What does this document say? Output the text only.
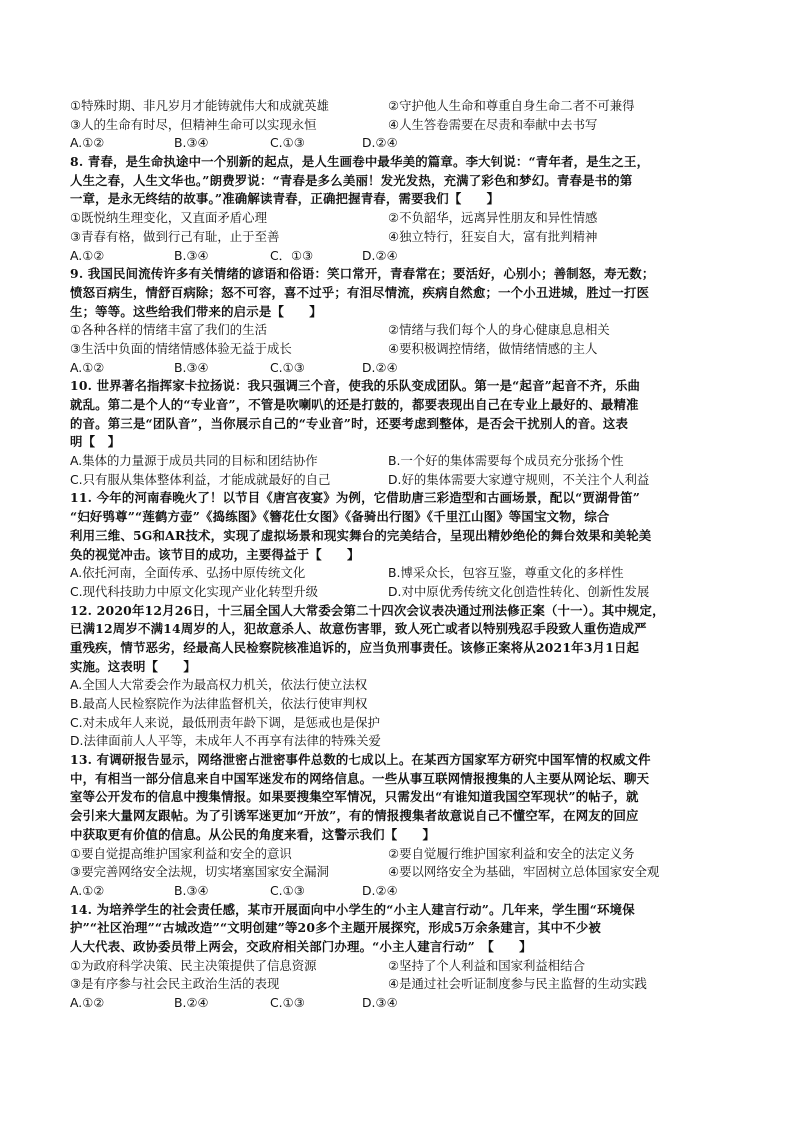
①特殊时期、非凡岁月才能铸就伟大和成就英雄	②守护他人生命和尊重自身生命二者不可兼得
③人的生命有时尽，但精神生命可以实现永恒	④人生答卷需要在尽责和奉献中去书写
A.①②	B.③④	C.①③	D.②④
8. 青春，是生命执途中一个别新的起点，是人生画卷中最华美的篇章。李大钊说：“青年者，是生之王，
人生之春，人生文华也。”朗费罗说：“青春是多么美丽！发光发热，充满了彩色和梦幻。青春是书的第
一章，是永无终结的故事。”准确解读青春，正确把握青春，需要我们【　　】
①既悦纳生理变化，又直面矛盾心理	②不负韶华，远离异性朋友和异性情感
③青春有格，做到行己有耻，止于至善	④独立特行，狂妄自大，富有批判精神
A.①②	B.③④	C．①③	D.②④
9. 我国民间流传许多有关情绪的谚语和俗语：笑口常开，青春常在；要活好，心别小；善制怒，寿无数；
愤怒百病生，情舒百病除；怒不可容，喜不过乎；有泪尽情流，疾病自然愈；一个小丑进城，胜过一打医
生；等等。这些给我们带来的启示是【　　】
①各种各样的情绪丰富了我们的生活	②情绪与我们每个人的身心健康息息相关
③生活中负面的情绪情感体验无益于成长	④要积极调控情绪，做情绪情感的主人
A.①②	B.③④	C.①③	D.②④
10. 世界著名指挥家卡拉扬说：我只强调三个音，使我的乐队变成团队。第一是“起音”起音不齐，乐曲
就乱。第二是个人的“专业音”，不管是吹喇叭的还是打鼓的，都要表现出自己在专业上最好的、最精准
的音。第三是“团队音”，当你展示自己的“专业音”时，还要考虑到整体，是否会干扰别人的音。这表
明【　】
A.集体的力量源于成员共同的目标和团结协作	B.一个好的集体需要每个成员充分张扬个性
C.只有服从集体整体利益，才能成就最好的自己	D.好的集体需要大家遵守规则，不关注个人利益
11. 今年的河南春晚火了！以节目《唐宫夜宴》为例，它借助唐三彩造型和古画场景，配以“贾湖骨笛”
“妇好鸮尊”“莲鹤方壶”《捣练图》《簪花仕女图》《备骑出行图》《千里江山图》等国宝文物，综合
利用三维、5G和AR技术，实现了虚拟场景和现实舞台的完美结合，呈现出精妙绝伦的舞台效果和美轮美
奂的视觉冲击。该节目的成功，主要得益于【　　】
A.依托河南，全面传承、弘扬中原传统文化	B.博采众长，包容互鉴，尊重文化的多样性
C.现代科技助力中原文化实现产业化转型升级	D.对中原优秀传统文化创造性转化、创新性发展
12. 2020年12月26日，十三届全国人大常委会第二十四次会议表决通过刑法修正案（十一）。其中规定，
已满12周岁不满14周岁的人，犯故意杀人、故意伤害罪，致人死亡或者以特别残忍手段致人重伤造成严
重残疾，情节恶劣，经最高人民检察院核准追诉的，应当负刑事责任。该修正案将从2021年3月1日起
实施。这表明【　　】
A.全国人大常委会作为最高权力机关，依法行使立法权
B.最高人民检察院作为法律监督机关，依法行使审判权
C.对未成年人来说，最低刑责年龄下调，是惩戒也是保护
D.法律面前人人平等，未成年人不再享有法律的特殊关爱
13. 有调研报告显示，网络泄密占泄密事件总数的七成以上。在某西方国家军方研究中国军情的权威文件
中，有相当一部分信息来自中国军迷发布的网络信息。一些从事互联网情报搜集的人主要从网论坛、聊天
室等公开发布的信息中搜集情报。如果要搜集空军情况，只需发出“有谁知道我国空军现状”的帖子，就
会引来大量网友跟帖。为了引诱军迷更加“开放”，有的情报搜集者故意说自己不懂空军，在网友的回应
中获取更有价值的信息。从公民的角度来看，这警示我们【　　】
①要自觉提高维护国家利益和安全的意识	②要自觉履行维护国家利益和安全的法定义务
③要完善网络安全法规，切实堵塞国家安全漏洞	④要以网络安全为基础，牢固树立总体国家安全观
A.①②	B.③④	C.①③	D.②④
14. 为培养学生的社会责任感，某市开展面向中小学生的“小主人建言行动”。几年来，学生围“环境保
护”“社区治理”“古城改造”“文明创建”等20多个主题开展探究，形成5万余条建言，其中不少被
人大代表、政协委员带上两会，交政府相关部门办理。“小主人建言行动”　【　　】
①为政府科学决策、民主决策提供了信息资源	②坚持了个人利益和国家利益相结合
③是有序参与社会民主政治生活的表现	④是通过社会听证制度参与民主监督的生动实践
A.①②	B.②④	C.①③	D.③④
